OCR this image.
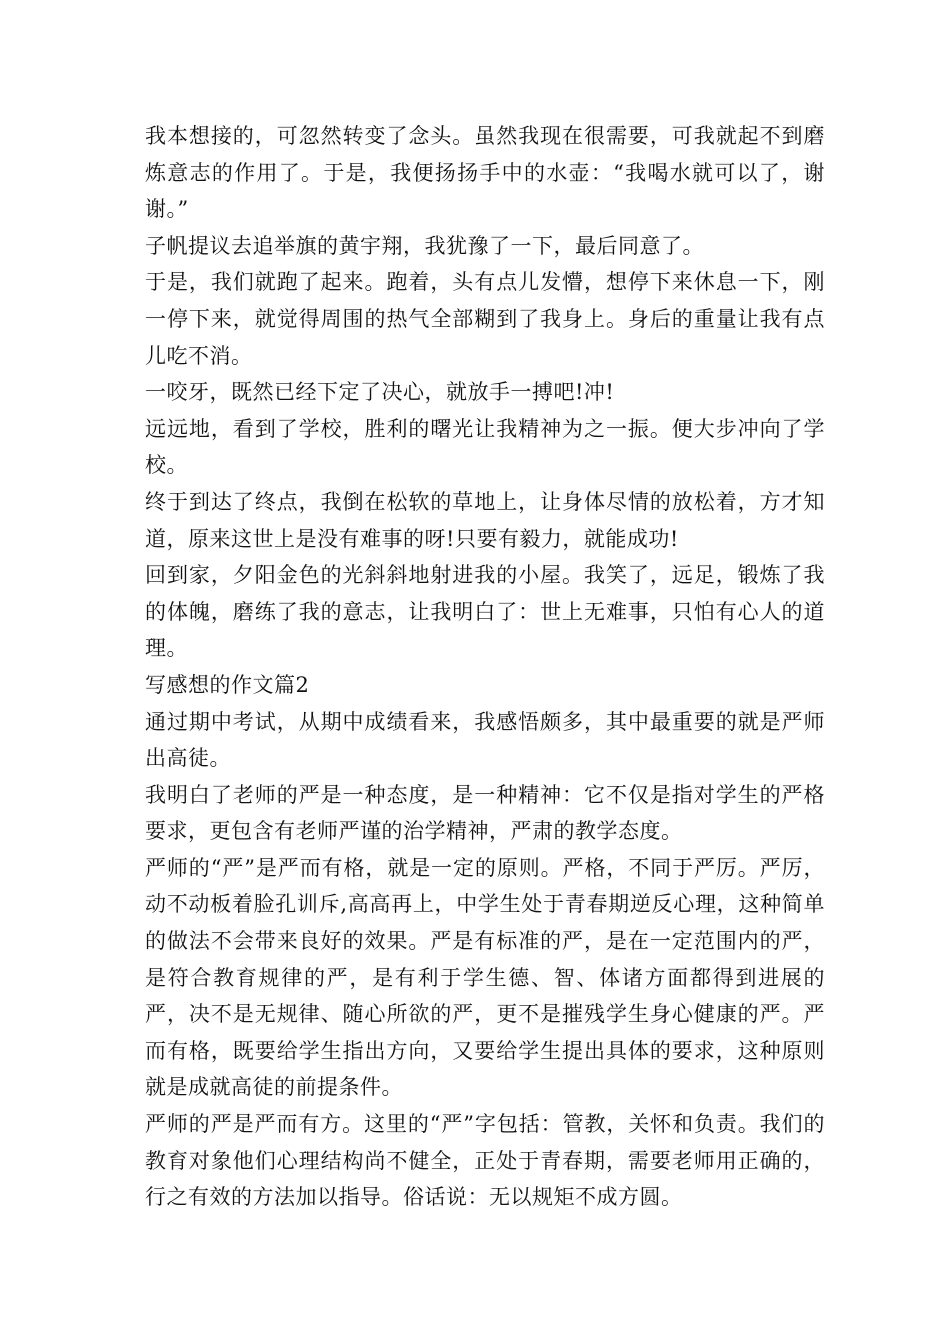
我本想接的，可忽然转变了念头。虽然我现在很需要，可我就起不到磨炼意志的作用了。于是，我便扬扬手中的水壶：“我喝水就可以了，谢谢。”

子帆提议去追举旗的黄宇翔，我犹豫了一下，最后同意了。

于是，我们就跑了起来。跑着，头有点儿发懵，想停下来休息一下，刚一停下来，就觉得周围的热气全部糊到了我身上。身后的重量让我有点儿吃不消。

一咬牙，既然已经下定了决心，就放手一搏吧!冲!

远远地，看到了学校，胜利的曙光让我精神为之一振。便大步冲向了学校。

终于到达了终点，我倒在松软的草地上，让身体尽情的放松着，方才知道，原来这世上是没有难事的呀!只要有毅力，就能成功!

回到家，夕阳金色的光斜斜地射进我的小屋。我笑了，远足，锻炼了我的体魄，磨练了我的意志，让我明白了：世上无难事，只怕有心人的道理。

写感想的作文篇2

通过期中考试，从期中成绩看来，我感悟颇多，其中最重要的就是严师出高徒。

我明白了老师的严是一种态度，是一种精神：它不仅是指对学生的严格要求，更包含有老师严谨的治学精神，严肃的教学态度。

严师的“严”是严而有格，就是一定的原则。严格，不同于严厉。严厉，动不动板着脸孔训斥,高高再上，中学生处于青春期逆反心理，这种简单的做法不会带来良好的效果。严是有标准的严，是在一定范围内的严，是符合教育规律的严，是有利于学生德、智、体诸方面都得到进展的严，决不是无规律、随心所欲的严，更不是摧残学生身心健康的严。严而有格，既要给学生指出方向，又要给学生提出具体的要求，这种原则就是成就高徒的前提条件。

严师的严是严而有方。这里的“严”字包括：管教，关怀和负责。我们的教育对象他们心理结构尚不健全，正处于青春期，需要老师用正确的，行之有效的方法加以指导。俗话说：无以规矩不成方圆。
